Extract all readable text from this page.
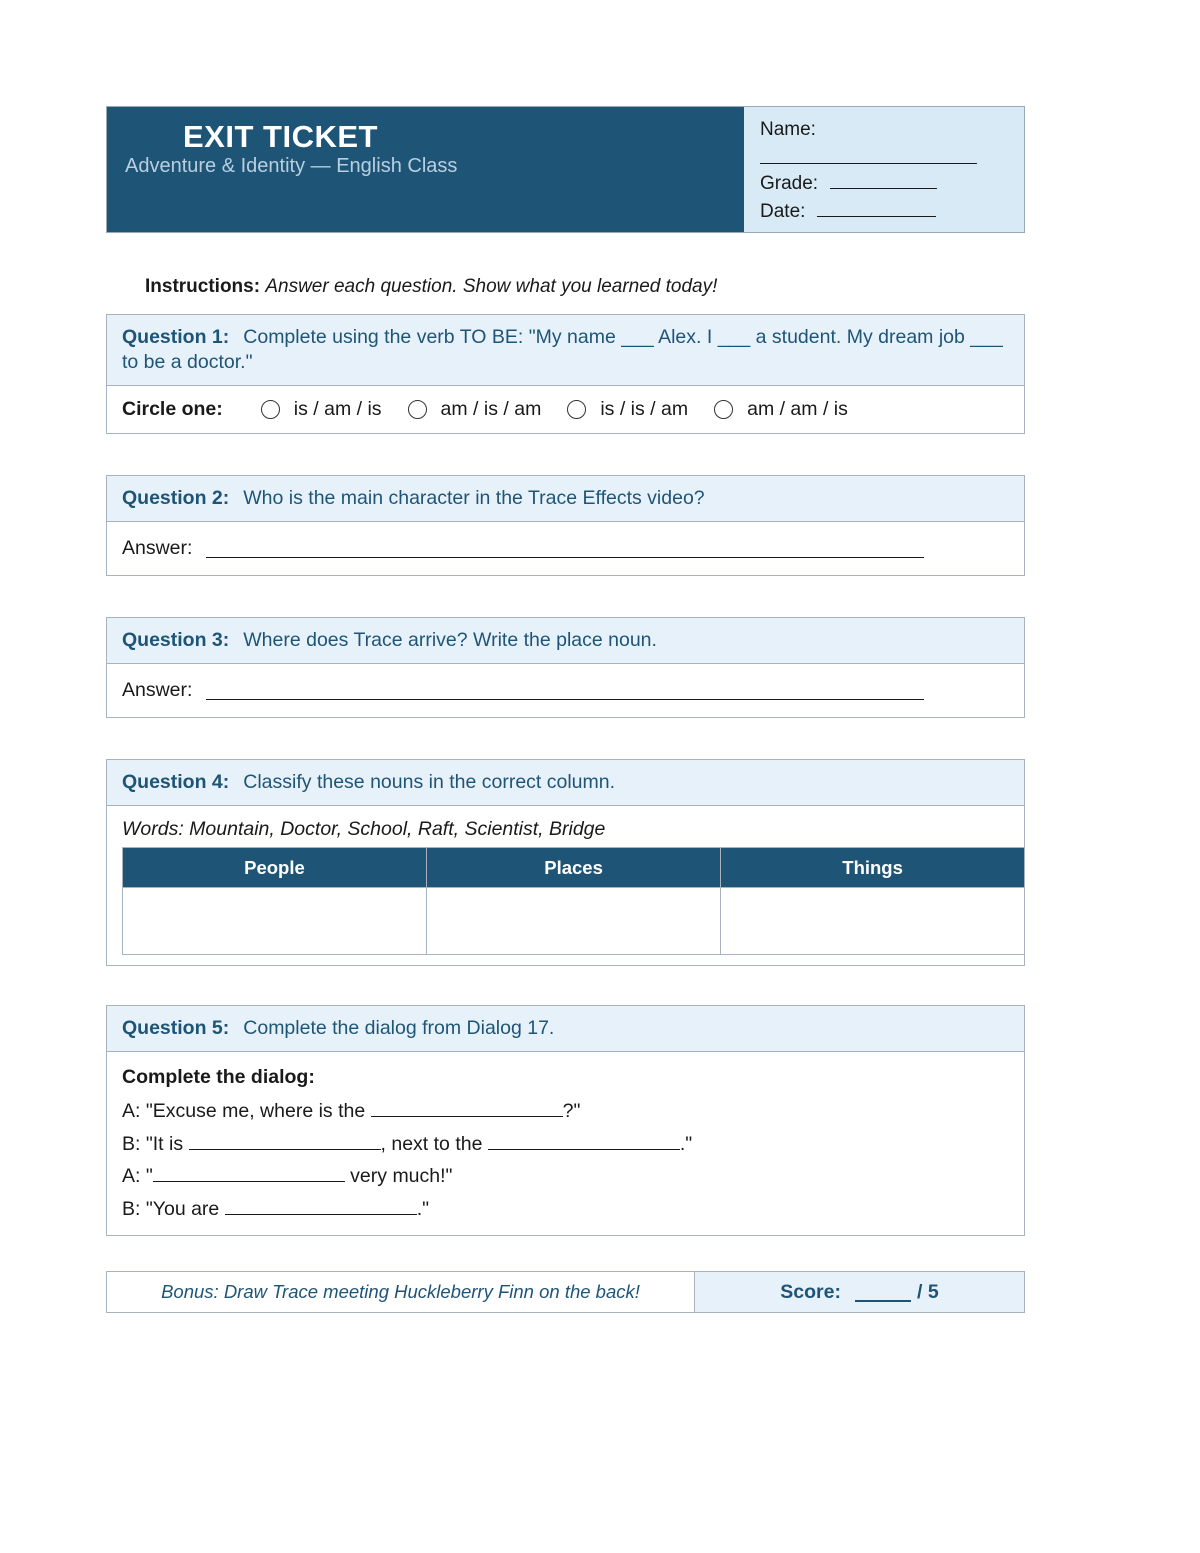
EXIT TICKET
Adventure & Identity — English Class
Name:
Grade:
Date:
Instructions: Answer each question. Show what you learned today!
Question 1: Complete using the verb TO BE: "My name ___ Alex. I ___ a student. My dream job ___ to be a doctor."
Circle one:	is / am / is	am / is / am	is / is / am	am / am / is
Question 2: Who is the main character in the Trace Effects video?
Answer:
Question 3: Where does Trace arrive? Write the place noun.
Answer:
Question 4: Classify these nouns in the correct column.
Words: Mountain, Doctor, School, Raft, Scientist, Bridge
People	Places	Things

Question 5: Complete the dialog from Dialog 17.
Complete the dialog:
A: "Excuse me, where is the	?"
B: "It is	, next to the	."
A: "	very much!"
B: "You are	."
Bonus: Draw Trace meeting Huckleberry Finn on the back!	Score:	/ 5
